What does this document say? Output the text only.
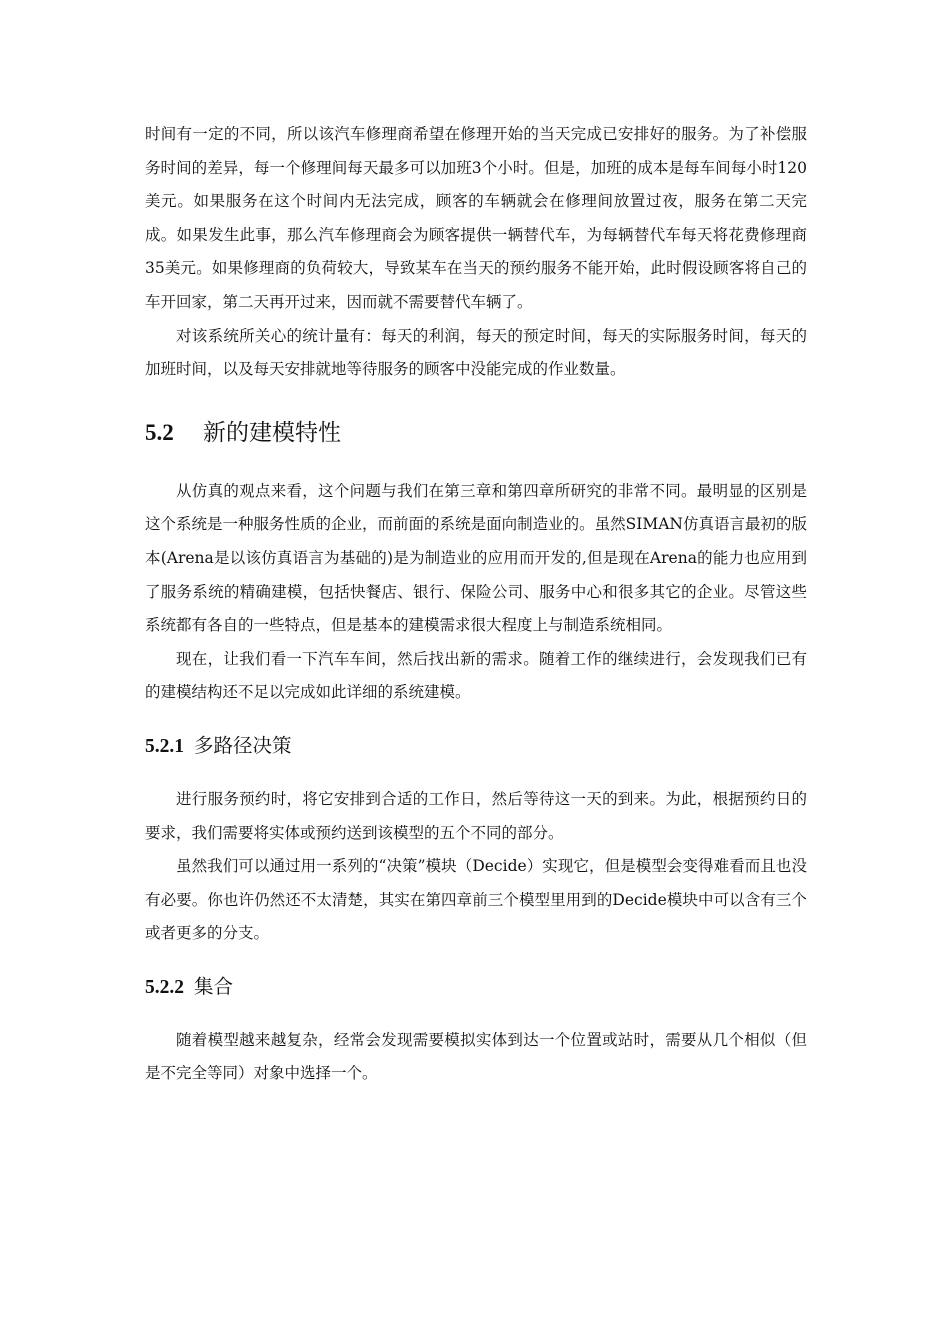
时间有一定的不同，所以该汽车修理商希望在修理开始的当天完成已安排好的服务。为了补偿服务时间的差异，每一个修理间每天最多可以加班3个小时。但是，加班的成本是每车间每小时120美元。如果服务在这个时间内无法完成，顾客的车辆就会在修理间放置过夜，服务在第二天完成。如果发生此事，那么汽车修理商会为顾客提供一辆替代车，为每辆替代车每天将花费修理商35美元。如果修理商的负荷较大，导致某车在当天的预约服务不能开始，此时假设顾客将自己的车开回家，第二天再开过来，因而就不需要替代车辆了。

对该系统所关心的统计量有：每天的利润，每天的预定时间，每天的实际服务时间，每天的加班时间，以及每天安排就地等待服务的顾客中没能完成的作业数量。

5.2 新的建模特性

从仿真的观点来看，这个问题与我们在第三章和第四章所研究的非常不同。最明显的区别是这个系统是一种服务性质的企业，而前面的系统是面向制造业的。虽然SIMAN仿真语言最初的版本(Arena是以该仿真语言为基础的)是为制造业的应用而开发的,但是现在Arena的能力也应用到了服务系统的精确建模，包括快餐店、银行、保险公司、服务中心和很多其它的企业。尽管这些系统都有各自的一些特点，但是基本的建模需求很大程度上与制造系统相同。

现在，让我们看一下汽车车间，然后找出新的需求。随着工作的继续进行，会发现我们已有的建模结构还不足以完成如此详细的系统建模。

5.2.1 多路径决策

进行服务预约时，将它安排到合适的工作日，然后等待这一天的到来。为此，根据预约日的要求，我们需要将实体或预约送到该模型的五个不同的部分。

虽然我们可以通过用一系列的“决策”模块（Decide）实现它，但是模型会变得难看而且也没有必要。你也许仍然还不太清楚，其实在第四章前三个模型里用到的Decide模块中可以含有三个或者更多的分支。

5.2.2 集合

随着模型越来越复杂，经常会发现需要模拟实体到达一个位置或站时，需要从几个相似（但是不完全等同）对象中选择一个。
